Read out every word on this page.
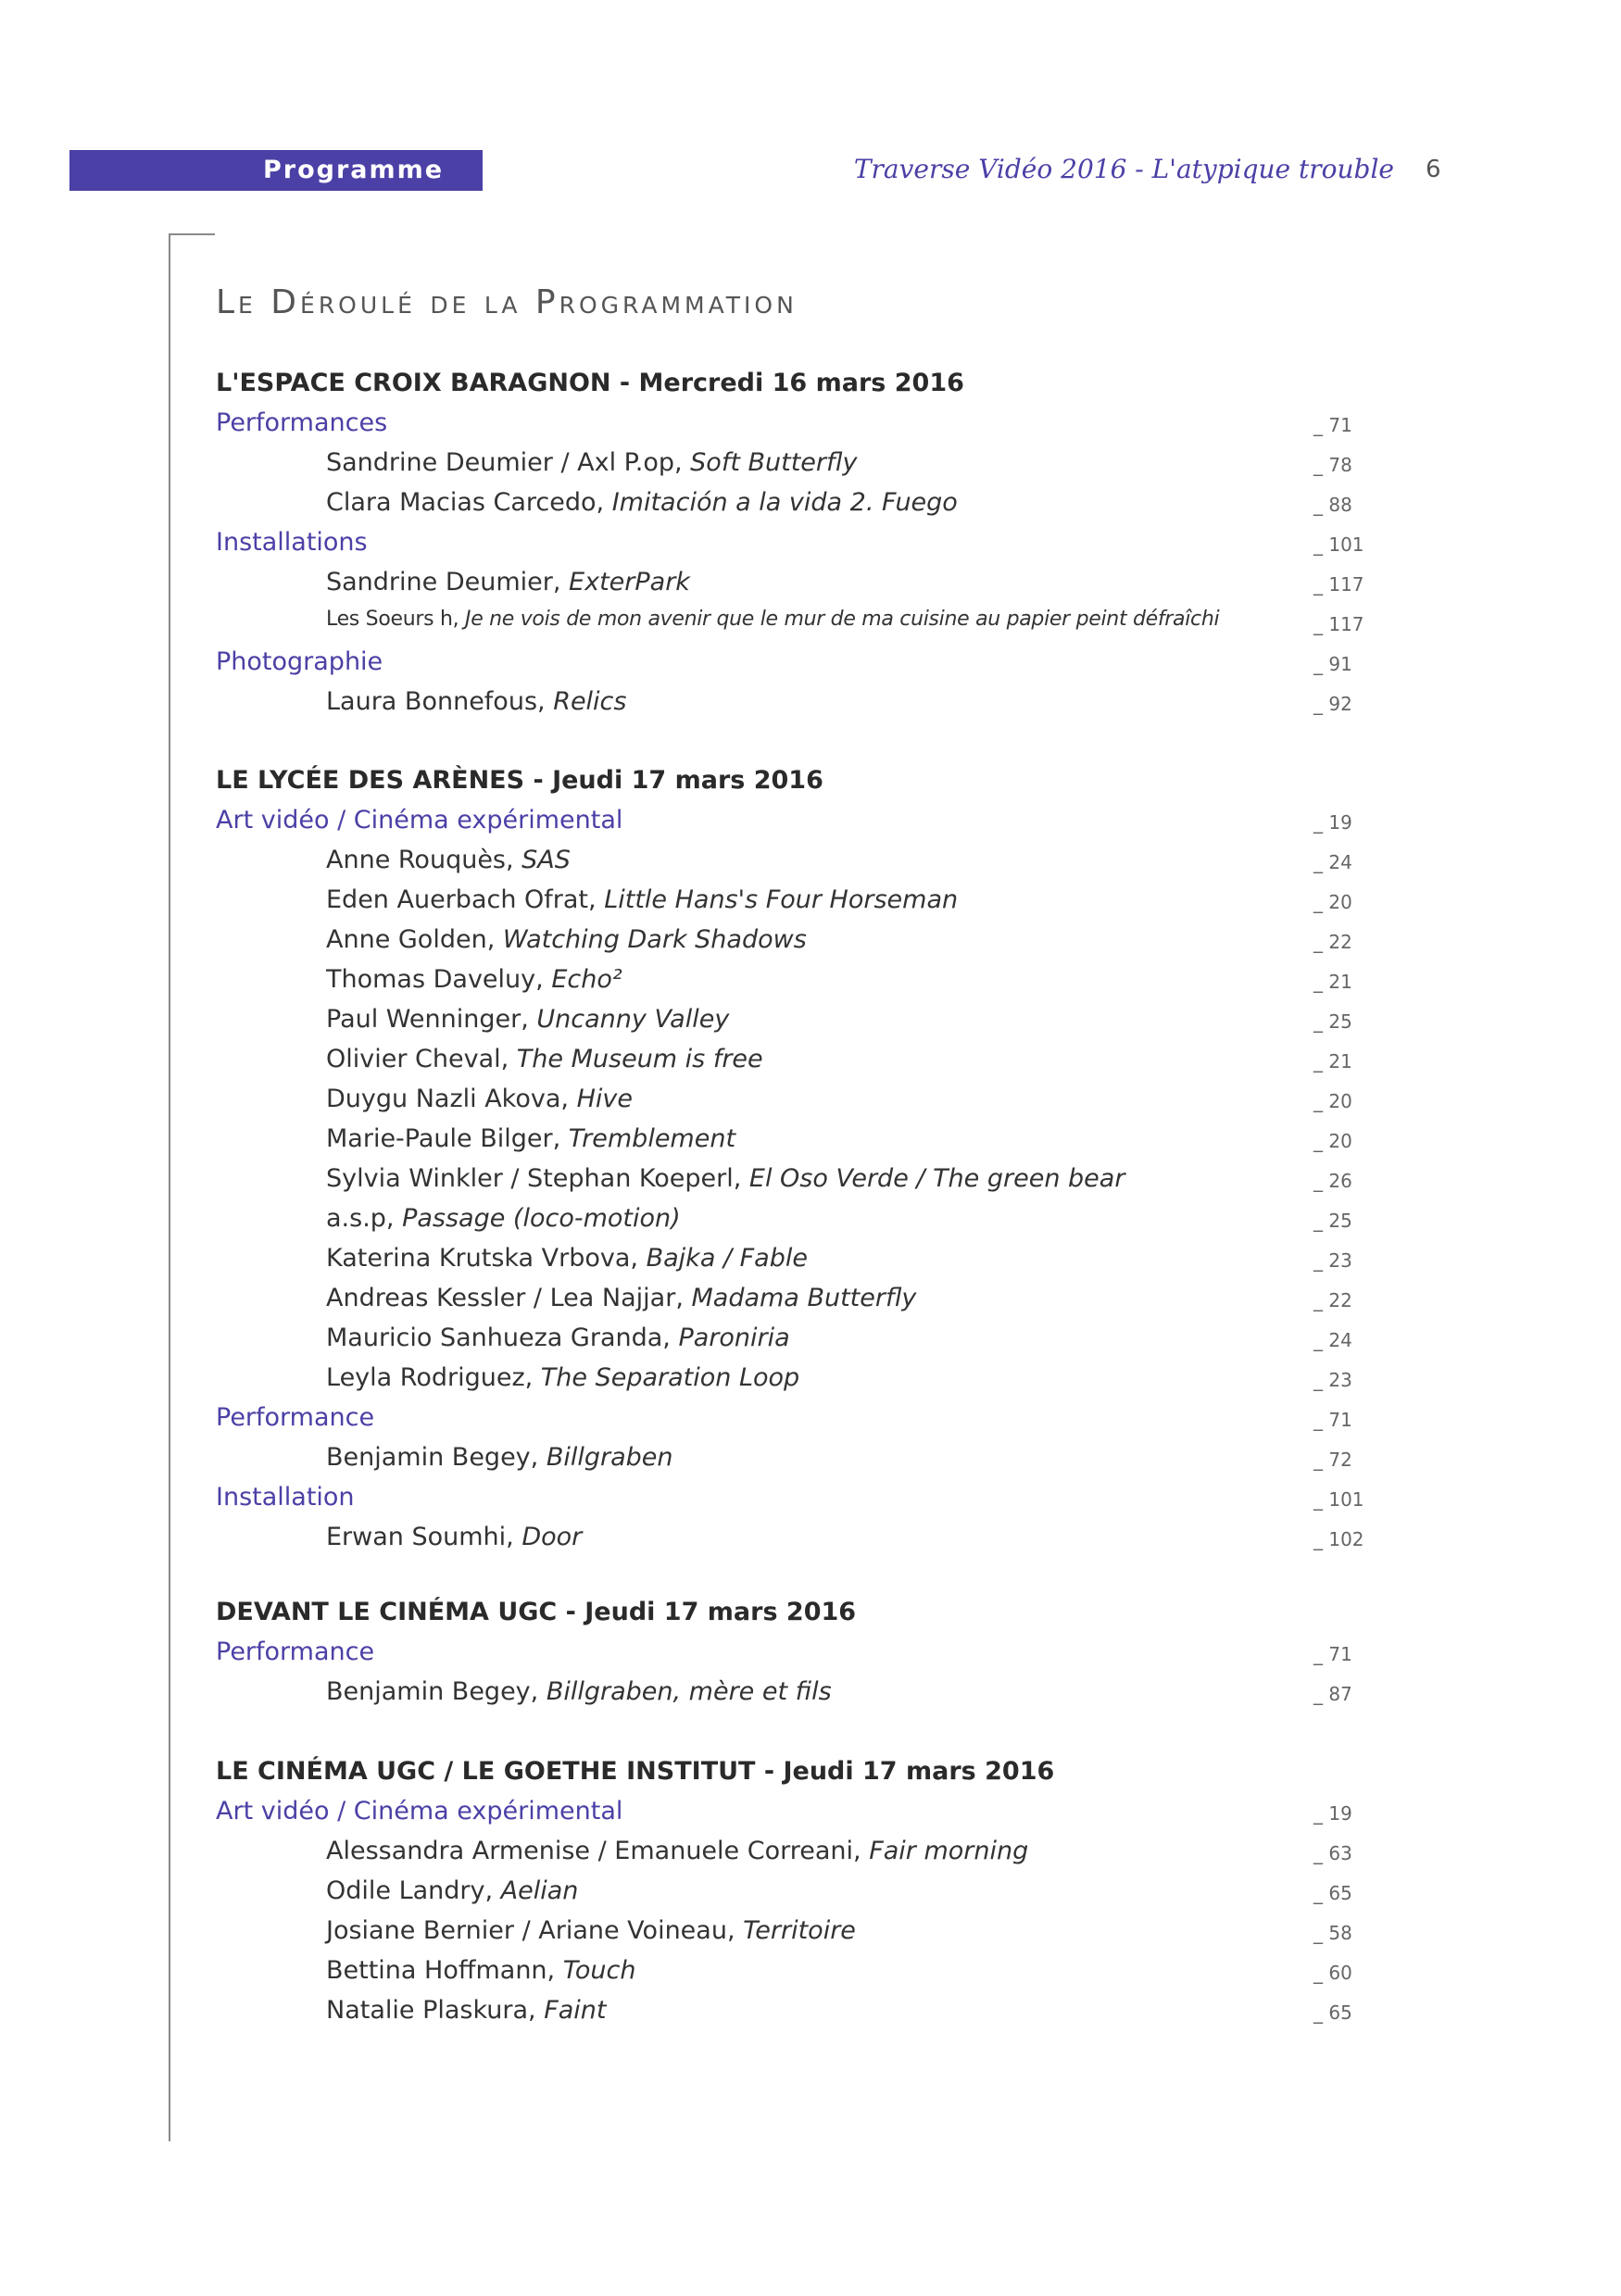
Programme	Traverse Vidéo 2016 - L'atypique trouble 6
Le Déroulé de la Programmation
L'ESPACE CROIX BARAGNON - Mercredi 16 mars 2016
Performances	_ 71
Sandrine Deumier / Axl P.op, Soft Butterfly	_ 78
Clara Macias Carcedo, Imitación a la vida 2. Fuego	_ 88
Installations	_ 101
Sandrine Deumier, ExterPark	_ 117
Les Soeurs h, Je ne vois de mon avenir que le mur de ma cuisine au papier peint défraîchi	_ 117
Photographie	_ 91
Laura Bonnefous, Relics	_ 92
LE LYCÉE DES ARÈNES - Jeudi 17 mars 2016
Art vidéo / Cinéma expérimental	_ 19
Anne Rouquès, SAS	_ 24
Eden Auerbach Ofrat, Little Hans's Four Horseman	_ 20
Anne Golden, Watching Dark Shadows	_ 22
Thomas Daveluy, Echo²	_ 21
Paul Wenninger, Uncanny Valley	_ 25
Olivier Cheval, The Museum is free	_ 21
Duygu Nazli Akova, Hive	_ 20
Marie-Paule Bilger, Tremblement	_ 20
Sylvia Winkler / Stephan Koeperl, El Oso Verde / The green bear	_ 26
a.s.p, Passage (loco-motion)	_ 25
Katerina Krutska Vrbova, Bajka / Fable	_ 23
Andreas Kessler / Lea Najjar, Madama Butterfly	_ 22
Mauricio Sanhueza Granda, Paroniria	_ 24
Leyla Rodriguez, The Separation Loop	_ 23
Performance	_ 71
Benjamin Begey, Billgraben	_ 72
Installation	_ 101
Erwan Soumhi, Door	_ 102
DEVANT LE CINÉMA UGC - Jeudi 17 mars 2016
Performance	_ 71
Benjamin Begey, Billgraben, mère et fils	_ 87
LE CINÉMA UGC / LE GOETHE INSTITUT - Jeudi 17 mars 2016
Art vidéo / Cinéma expérimental	_ 19
Alessandra Armenise / Emanuele Correani, Fair morning	_ 63
Odile Landry, Aelian	_ 65
Josiane Bernier / Ariane Voineau, Territoire	_ 58
Bettina Hoffmann, Touch	_ 60
Natalie Plaskura, Faint	_ 65
